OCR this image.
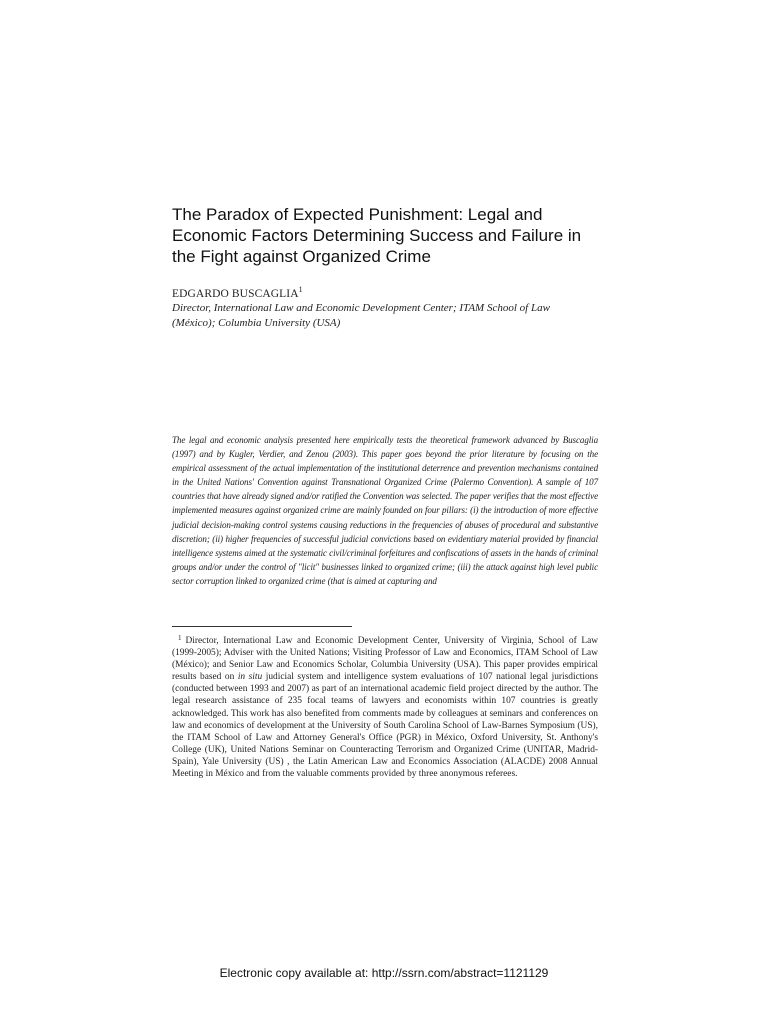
The Paradox of Expected Punishment: Legal and Economic Factors Determining Success and Failure in the Fight against Organized Crime
EDGARDO BUSCAGLIA$^1$
Director, International Law and Economic Development Center; ITAM School of Law (México); Columbia University (USA)

The legal and economic analysis presented here empirically tests the theoretical framework advanced by Buscaglia (1997) and by Kugler, Verdier, and Zenou (2003). This paper goes beyond the prior literature by focusing on the empirical assessment of the actual implementation of the institutional deterrence and prevention mechanisms contained in the United Nations' Convention against Transnational Organized Crime (Palermo Convention). A sample of 107 countries that have already signed and/or ratified the Convention was selected. The paper verifies that the most effective implemented measures against organized crime are mainly founded on four pillars: (i) the introduction of more effective judicial decision-making control systems causing reductions in the frequencies of abuses of procedural and substantive discretion; (ii) higher frequencies of successful judicial convictions based on evidentiary material provided by financial intelligence systems aimed at the systematic civil/criminal forfeitures and confiscations of assets in the hands of criminal groups and/or under the control of "licit" businesses linked to organized crime; (iii) the attack against high level public sector corruption linked to organized crime (that is aimed at capturing and

$^1$ Director, International Law and Economic Development Center, University of Virginia, School of Law (1999-2005); Adviser with the United Nations; Visiting Professor of Law and Economics, ITAM School of Law (México); and Senior Law and Economics Scholar, Columbia University (USA). This paper provides empirical results based on in situ judicial system and intelligence system evaluations of 107 national legal jurisdictions (conducted between 1993 and 2007) as part of an international academic field project directed by the author. The legal research assistance of 235 focal teams of lawyers and economists within 107 countries is greatly acknowledged. This work has also benefited from comments made by colleagues at seminars and conferences on law and economics of development at the University of South Carolina School of Law-Barnes Symposium (US), the ITAM School of Law and Attorney General's Office (PGR) in México, Oxford University, St. Anthony's College (UK), United Nations Seminar on Counteracting Terrorism and Organized Crime (UNITAR, Madrid-Spain), Yale University (US) , the Latin American Law and Economics Association (ALACDE) 2008 Annual Meeting in México and from the valuable comments provided by three anonymous referees.

Electronic copy available at: http://ssrn.com/abstract=1121129
